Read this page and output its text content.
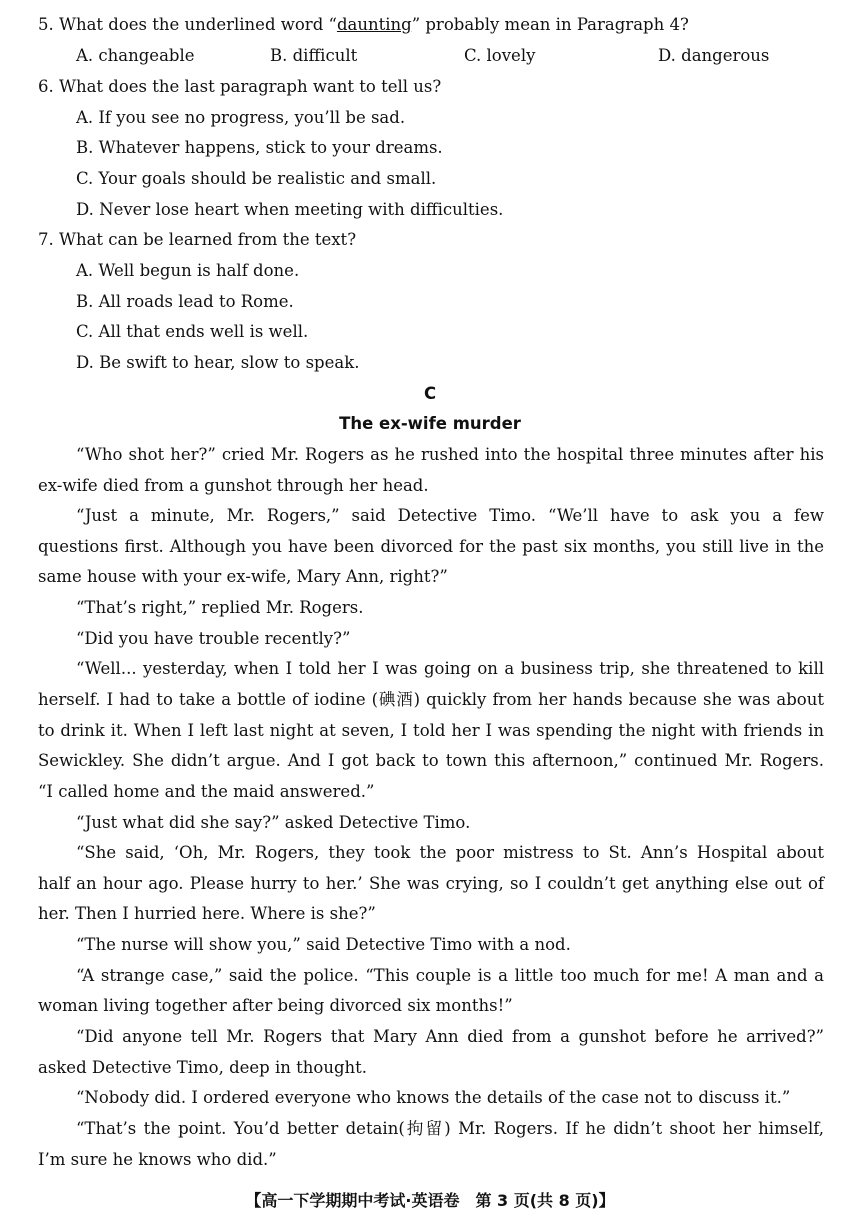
5. What does the underlined word “daunting” probably mean in Paragraph 4?
A. changeable	B. difficult	C. lovely	D. dangerous
6. What does the last paragraph want to tell us?
A. If you see no progress, you’ll be sad.
B. Whatever happens, stick to your dreams.
C. Your goals should be realistic and small.
D. Never lose heart when meeting with difficulties.
7. What can be learned from the text?
A. Well begun is half done.
B. All roads lead to Rome.
C. All that ends well is well.
D. Be swift to hear, slow to speak.
C
The ex-wife murder
“Who shot her?” cried Mr. Rogers as he rushed into the hospital three minutes after his
ex-wife died from a gunshot through her head.
“Just a minute, Mr. Rogers,” said Detective Timo. “We’ll have to ask you a few
questions first. Although you have been divorced for the past six months, you still live in the
same house with your ex-wife, Mary Ann, right?”
“That’s right,” replied Mr. Rogers.
“Did you have trouble recently?”
“Well... yesterday, when I told her I was going on a business trip, she threatened to kill
herself. I had to take a bottle of iodine (碘酒) quickly from her hands because she was about
to drink it. When I left last night at seven, I told her I was spending the night with friends in
Sewickley. She didn’t argue. And I got back to town this afternoon,” continued Mr. Rogers.
“I called home and the maid answered.”
“Just what did she say?” asked Detective Timo.
“She said, ‘Oh, Mr. Rogers, they took the poor mistress to St. Ann’s Hospital about
half an hour ago. Please hurry to her.’ She was crying, so I couldn’t get anything else out of
her. Then I hurried here. Where is she?”
“The nurse will show you,” said Detective Timo with a nod.
“A strange case,” said the police. “This couple is a little too much for me! A man and a
woman living together after being divorced six months!”
“Did anyone tell Mr. Rogers that Mary Ann died from a gunshot before he arrived?”
asked Detective Timo, deep in thought.
“Nobody did. I ordered everyone who knows the details of the case not to discuss it.”
“That’s the point. You’d better detain(拘留) Mr. Rogers. If he didn’t shoot her himself,
I’m sure he knows who did.”
【高一下学期期中考试·英语卷　第 3 页(共 8 页)】
